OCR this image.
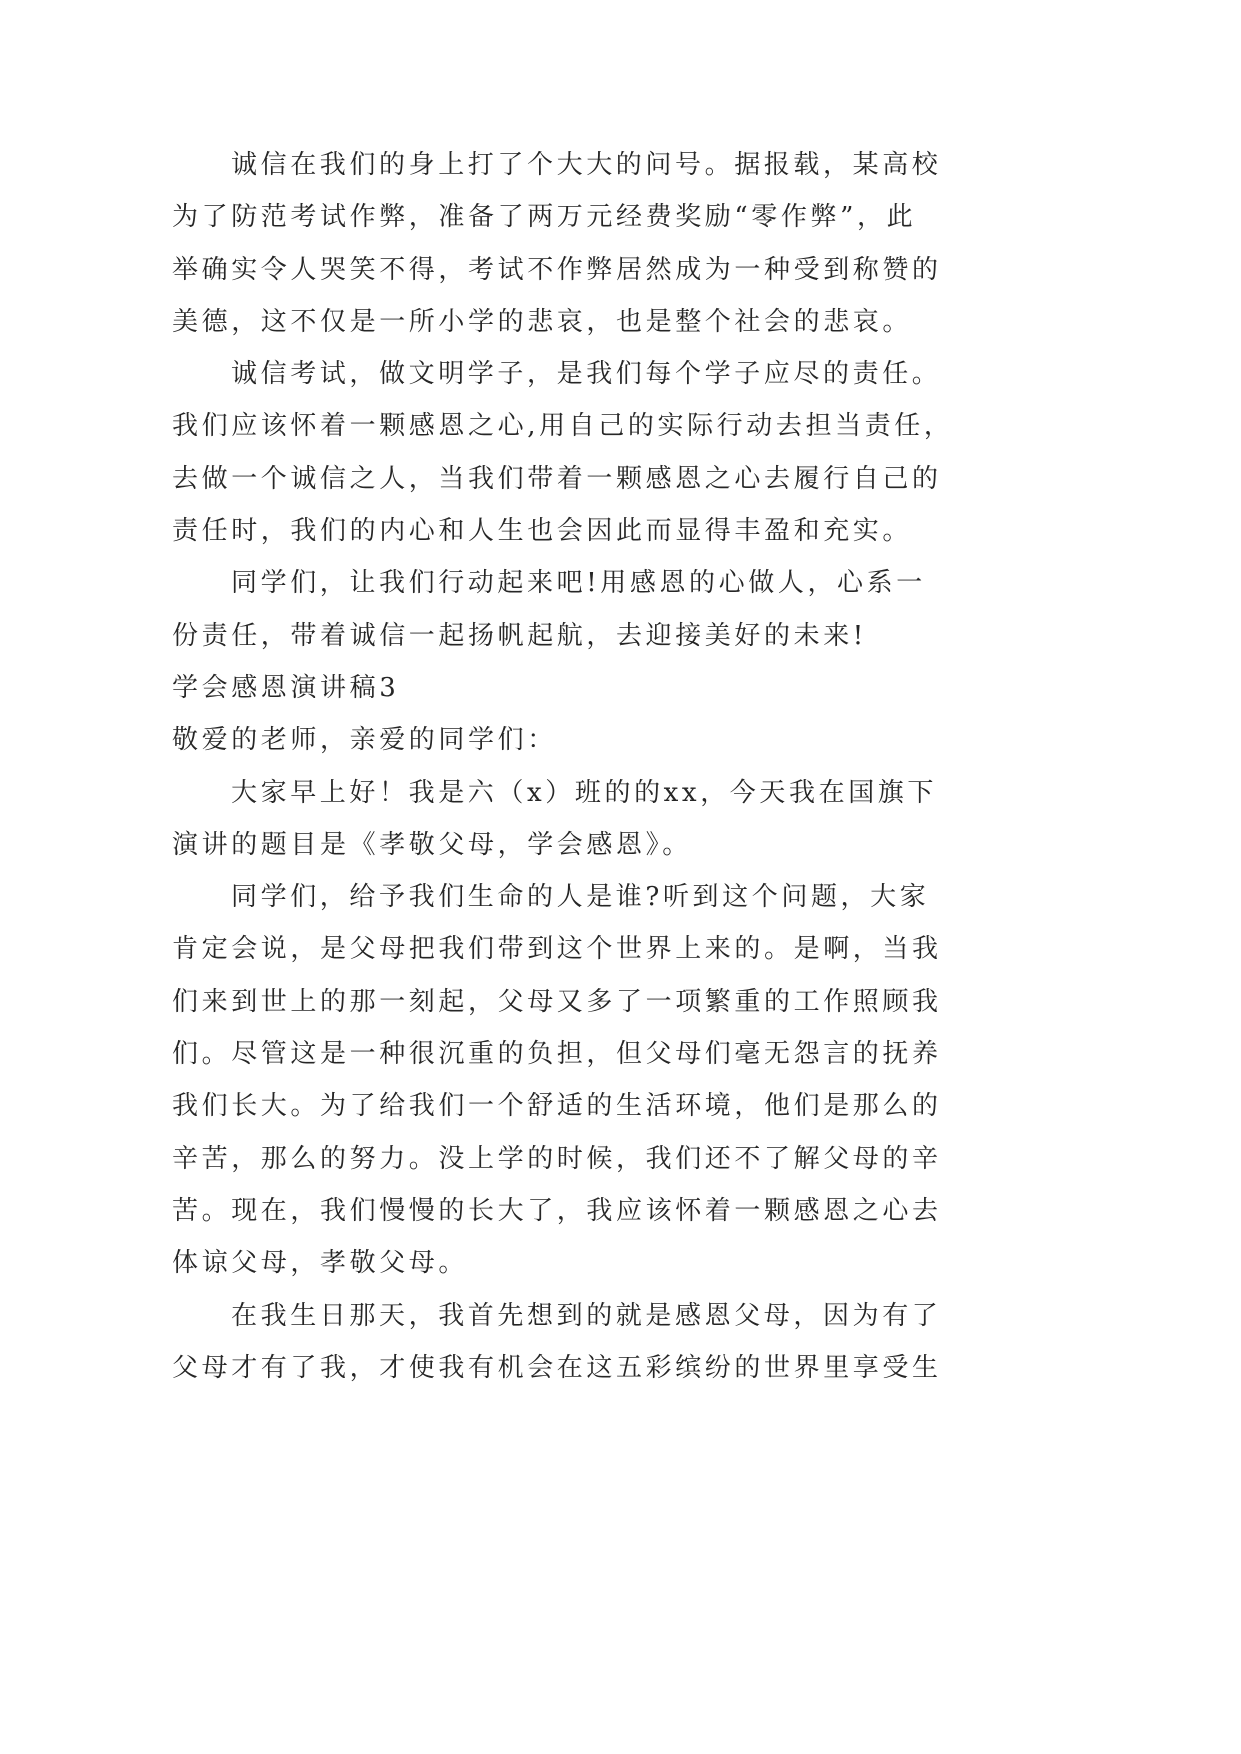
诚信在我们的身上打了个大大的问号。据报载，某高校
为了防范考试作弊，准备了两万元经费奖励“零作弊”，此
举确实令人哭笑不得，考试不作弊居然成为一种受到称赞的
美德，这不仅是一所小学的悲哀，也是整个社会的悲哀。
诚信考试，做文明学子，是我们每个学子应尽的责任。
我们应该怀着一颗感恩之心,用自己的实际行动去担当责任，
去做一个诚信之人，当我们带着一颗感恩之心去履行自己的
责任时，我们的内心和人生也会因此而显得丰盈和充实。
同学们，让我们行动起来吧!用感恩的心做人，心系一
份责任，带着诚信一起扬帆起航，去迎接美好的未来!
学会感恩演讲稿3
敬爱的老师，亲爱的同学们：
大家早上好！我是六（x）班的的xx，今天我在国旗下
演讲的题目是《孝敬父母，学会感恩》。
同学们，给予我们生命的人是谁?听到这个问题，大家
肯定会说，是父母把我们带到这个世界上来的。是啊，当我
们来到世上的那一刻起，父母又多了一项繁重的工作照顾我
们。尽管这是一种很沉重的负担，但父母们毫无怨言的抚养
我们长大。为了给我们一个舒适的生活环境，他们是那么的
辛苦，那么的努力。没上学的时候，我们还不了解父母的辛
苦。现在，我们慢慢的长大了，我应该怀着一颗感恩之心去
体谅父母，孝敬父母。
在我生日那天，我首先想到的就是感恩父母，因为有了
父母才有了我，才使我有机会在这五彩缤纷的世界里享受生
